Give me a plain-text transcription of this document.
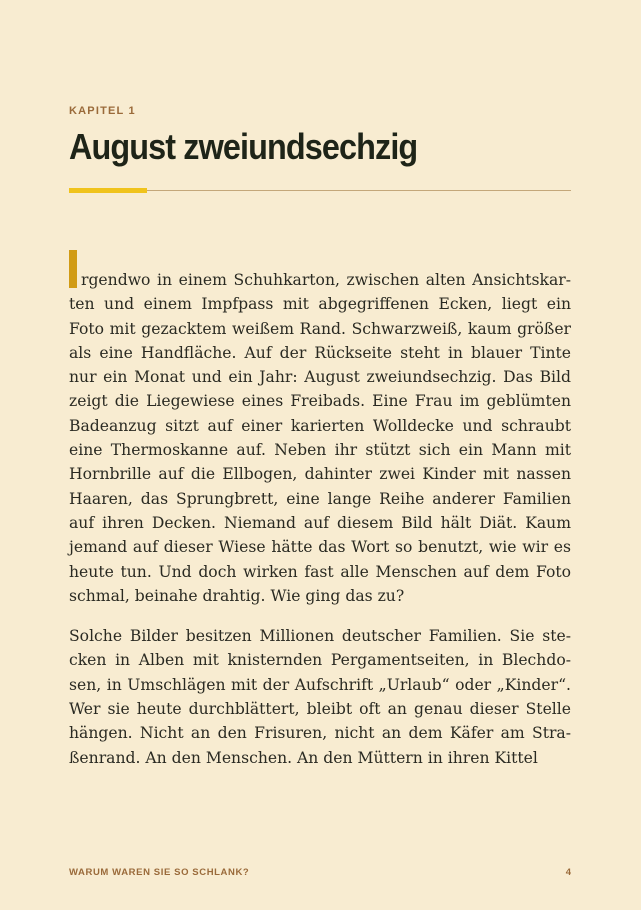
KAPITEL 1
August zweiundsechzig

rgendwo in einem Schuhkarton, zwischen alten Ansichtskarten und einem Impfpass mit abgegriffenen Ecken, liegt ein Foto mit gezacktem weißem Rand. Schwarzweiß, kaum größer als eine Handfläche. Auf der Rückseite steht in blauer Tinte nur ein Monat und ein Jahr: August zweiundsechzig. Das Bild zeigt die Liegewiese eines Freibads. Eine Frau im geblümten Badeanzug sitzt auf einer karierten Wolldecke und schraubt eine Thermoskanne auf. Neben ihr stützt sich ein Mann mit Hornbrille auf die Ellbogen, dahinter zwei Kinder mit nassen Haaren, das Sprungbrett, eine lange Reihe anderer Familien auf ihren Decken. Niemand auf diesem Bild hält Diät. Kaum jemand auf dieser Wiese hätte das Wort so benutzt, wie wir es heute tun. Und doch wirken fast alle Menschen auf dem Foto schmal, beinahe drahtig. Wie ging das zu?

Solche Bilder besitzen Millionen deutscher Familien. Sie stecken in Alben mit knisternden Pergamentseiten, in Blechdosen, in Umschlägen mit der Aufschrift „Urlaub“ oder „Kinder“. Wer sie heute durchblättert, bleibt oft an genau dieser Stelle hängen. Nicht an den Frisuren, nicht an dem Käfer am Straßenrand. An den Menschen. An den Müttern in ihren Kittel

WARUM WAREN SIE SO SCHLANK?	4
